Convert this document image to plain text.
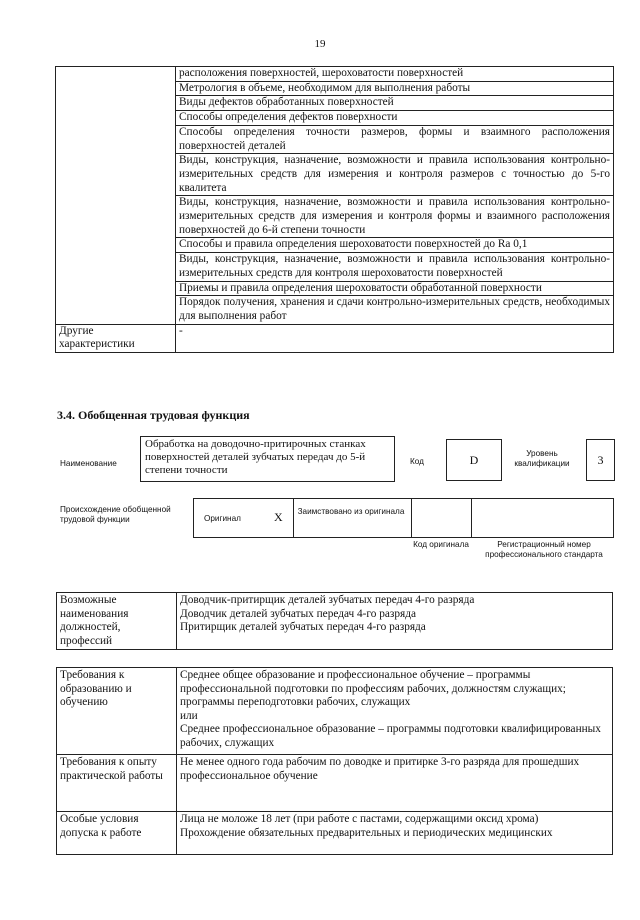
19
	расположения поверхностей, шероховатости поверхностей
	Метрология в объеме, необходимом для выполнения работы
	Виды дефектов обработанных поверхностей
	Способы определения дефектов поверхности
	Способы определения точности размеров, формы и взаимного расположения поверхностей деталей
	Виды, конструкция, назначение, возможности и правила использования контрольно-измерительных средств для измерения и контроля размеров с точностью до 5-го квалитета
	Виды, конструкция, назначение, возможности и правила использования контрольно-измерительных средств для измерения и контроля формы и взаимного расположения поверхностей до 6-й степени точности
	Способы и правила определения шероховатости поверхностей до Ra 0,1
	Виды, конструкция, назначение, возможности и правила использования контрольно-измерительных средств для контроля шероховатости поверхностей
	Приемы и правила определения шероховатости обработанной поверхности
	Порядок получения, хранения и сдачи контрольно-измерительных средств, необходимых для выполнения работ
Другие характеристики	-
3.4. Обобщенная трудовая функция
Наименование
Обработка на доводочно-притирочных станках поверхностей деталей зубчатых передач до 5-й степени точности
Код	D	Уровень квалификации	3
Происхождение обобщенной трудовой функции	Оригинал	X	Заимствовано из оригинала
Код оригинала	Регистрационный номер профессионального стандарта
Возможные наименования должностей, профессий	
Доводчик-притирщик деталей зубчатых передач 4-го разряда
Доводчик деталей зубчатых передач 4-го разряда
Притирщик деталей зубчатых передач 4-го разряда
Требования к образованию и обучению	Среднее общее образование и профессиональное обучение – программы профессиональной подготовки по профессиям рабочих, должностям служащих; программы переподготовки рабочих, служащих
или
Среднее профессиональное образование – программы подготовки квалифицированных рабочих, служащих

Требования к опыту практической работы	Не менее одного года рабочим по доводке и притирке 3-го разряда для прошедших профессиональное обучение
Особые условия допуска к работе	Лица не моложе 18 лет (при работе с пастами, содержащими оксид хрома)
Прохождение обязательных предварительных и периодических медицинских
